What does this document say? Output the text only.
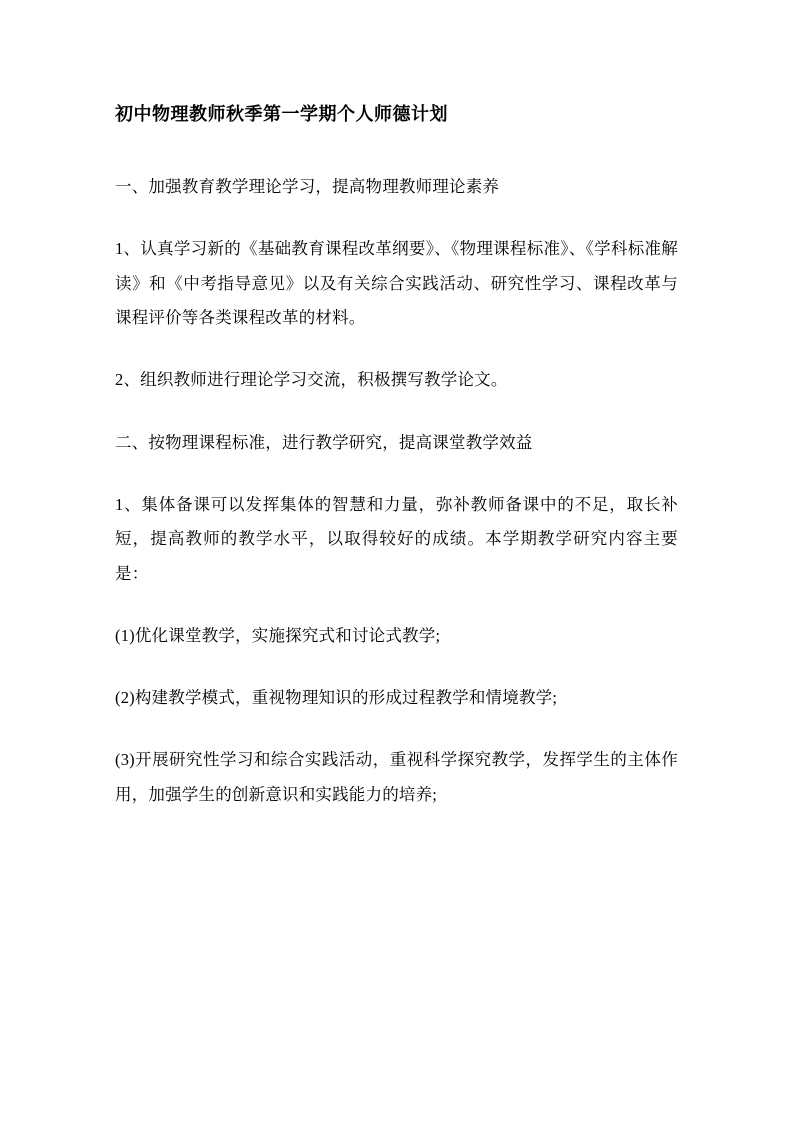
初中物理教师秋季第一学期个人师德计划

一、加强教育教学理论学习，提高物理教师理论素养

1、认真学习新的《基础教育课程改革纲要》、《物理课程标准》、《学科标准解读》和《中考指导意见》以及有关综合实践活动、研究性学习、课程改革与课程评价等各类课程改革的材料。

2、组织教师进行理论学习交流，积极撰写教学论文。

二、按物理课程标准，进行教学研究，提高课堂教学效益

1、集体备课可以发挥集体的智慧和力量，弥补教师备课中的不足，取长补短，提高教师的教学水平，以取得较好的成绩。本学期教学研究内容主要是：

(1)优化课堂教学，实施探究式和讨论式教学;

(2)构建教学模式，重视物理知识的形成过程教学和情境教学;

(3)开展研究性学习和综合实践活动，重视科学探究教学，发挥学生的主体作用，加强学生的创新意识和实践能力的培养;
